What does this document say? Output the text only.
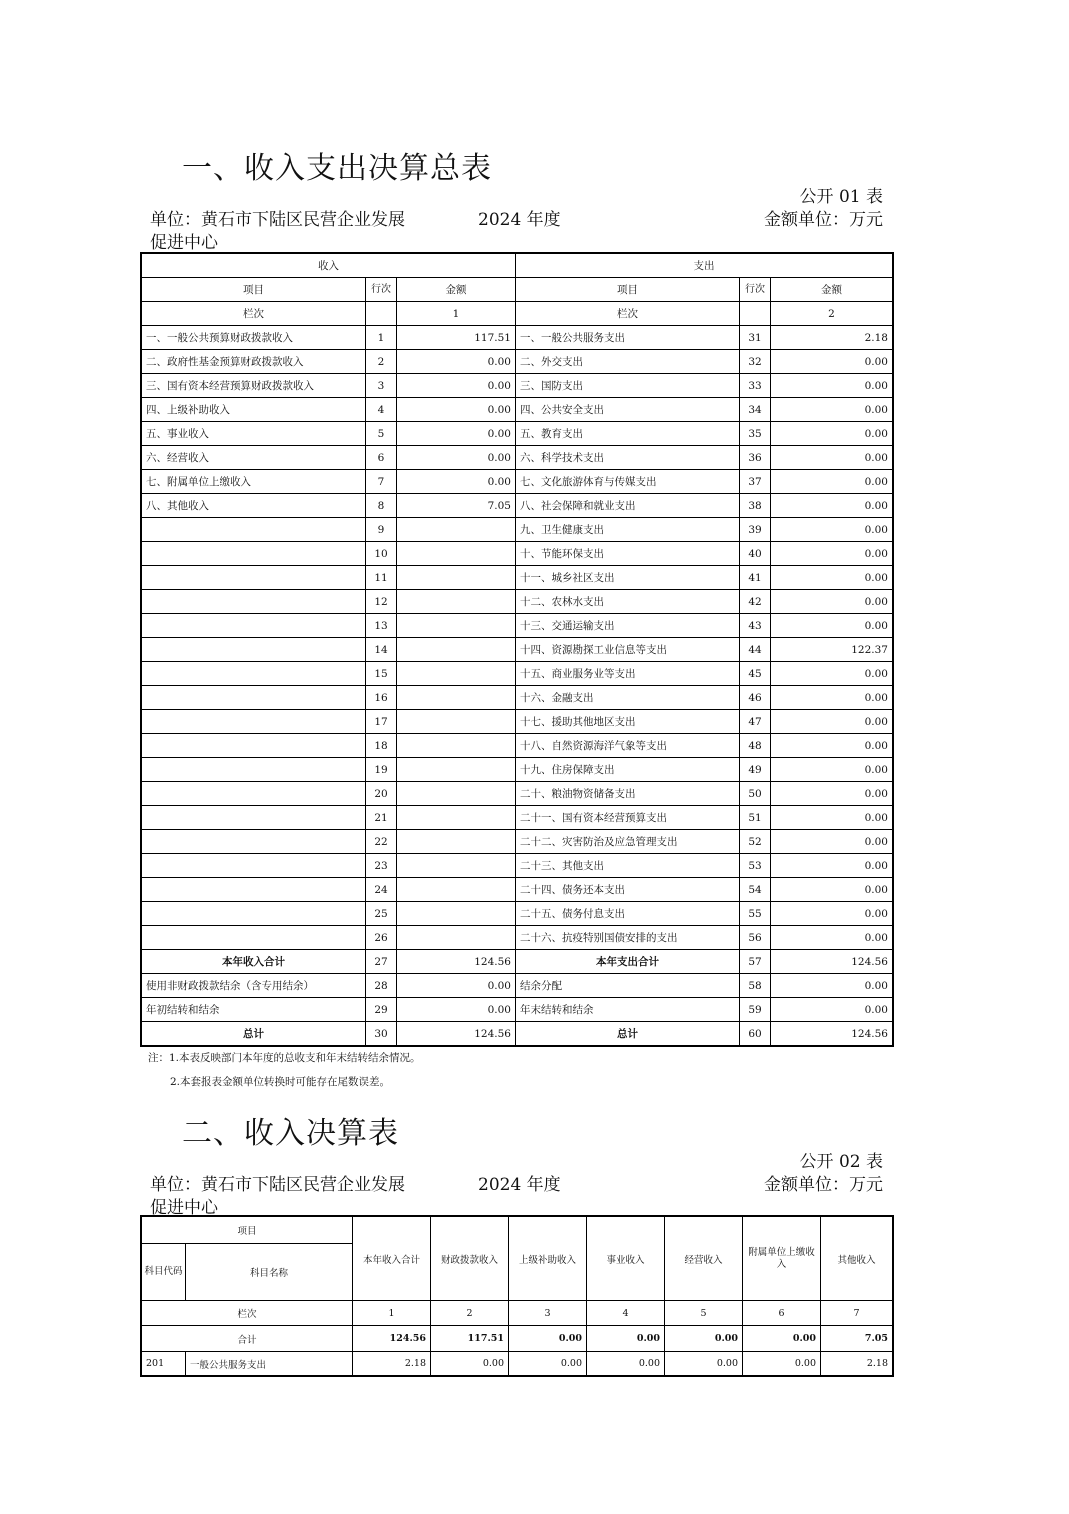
一、收入支出决算总表
公开 01 表
单位：黄石市下陆区民营企业发展
促进中心
2024 年度	金额单位：万元
收入			支出		
项目	行次	金额	项目	行次	金额
栏次		1	栏次		2
一、一般公共预算财政拨款收入	1	117.51	一、一般公共服务支出	31	2.18
二、政府性基金预算财政拨款收入	2	0.00	二、外交支出	32	0.00
三、国有资本经营预算财政拨款收入	3	0.00	三、国防支出	33	0.00
四、上级补助收入	4	0.00	四、公共安全支出	34	0.00
五、事业收入	5	0.00	五、教育支出	35	0.00
六、经营收入	6	0.00	六、科学技术支出	36	0.00
七、附属单位上缴收入	7	0.00	七、文化旅游体育与传媒支出	37	0.00
八、其他收入	8	7.05	八、社会保障和就业支出	38	0.00
	9		九、卫生健康支出	39	0.00
	10		十、节能环保支出	40	0.00
	11		十一、城乡社区支出	41	0.00
	12		十二、农林水支出	42	0.00
	13		十三、交通运输支出	43	0.00
	14		十四、资源勘探工业信息等支出	44	122.37
	15		十五、商业服务业等支出	45	0.00
	16		十六、金融支出	46	0.00
	17		十七、援助其他地区支出	47	0.00
	18		十八、自然资源海洋气象等支出	48	0.00
	19		十九、住房保障支出	49	0.00
	20		二十、粮油物资储备支出	50	0.00
	21		二十一、国有资本经营预算支出	51	0.00
	22		二十二、灾害防治及应急管理支出	52	0.00
	23		二十三、其他支出	53	0.00
	24		二十四、债务还本支出	54	0.00
	25		二十五、债务付息支出	55	0.00
	26		二十六、抗疫特别国债安排的支出	56	0.00
本年收入合计	27	124.56	本年支出合计	57	124.56
使用非财政拨款结余（含专用结余）	28	0.00	结余分配	58	0.00
年初结转和结余	29	0.00	年末结转和结余	59	0.00
总计	30	124.56	总计	60	124.56
注：1.本表反映部门本年度的总收支和年末结转结余情况。
2.本套报表金额单位转换时可能存在尾数误差。
二、收入决算表
公开 02 表
单位：黄石市下陆区民营企业发展
促进中心
2024 年度	金额单位：万元
项目		本年收入合计	财政拨款收入	上级补助收入	事业收入	经营收入	附属单位上缴收入	其他收入
科目代码	科目名称							
栏次		1	2	3	4	5	6	7
合计		124.56	117.51	0.00	0.00	0.00	0.00	7.05
201	一般公共服务支出	2.18	0.00	0.00	0.00	0.00	0.00	2.18
